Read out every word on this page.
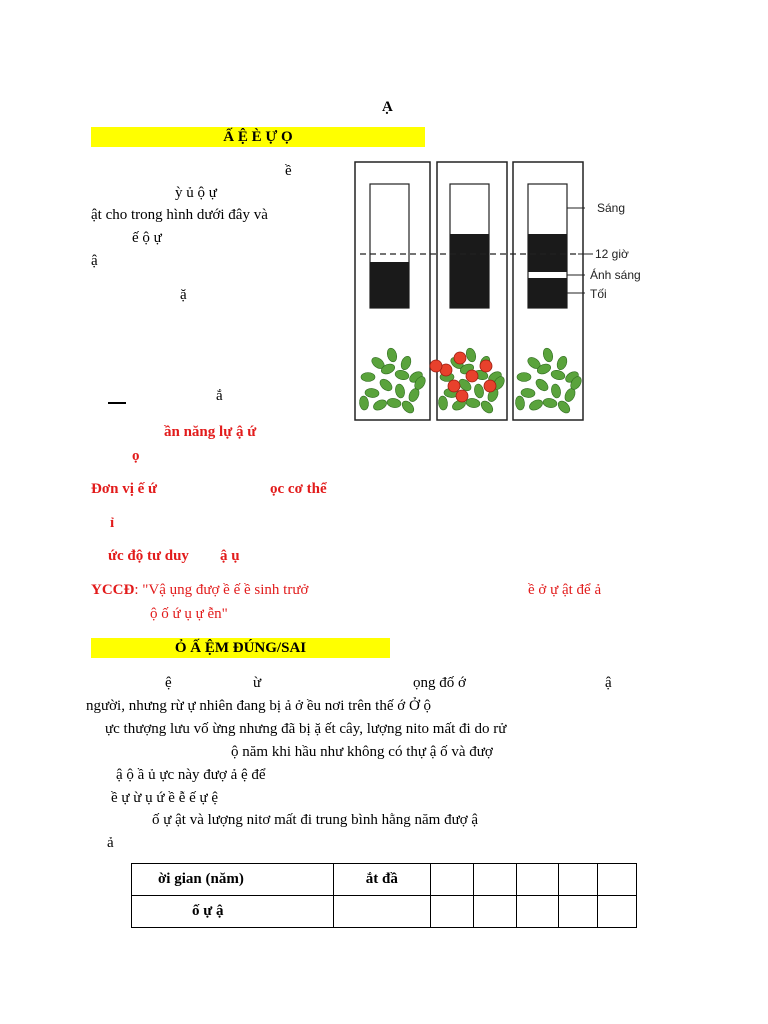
Ạ
Ấ Ệ È Ự Ọ
ề
ỳ ủ ộ ự
ật cho trong hình dưới đây và
ế ộ ự
ậ
ặ
ắ
ần năng lự ậ ứ
ọ
Đơn vị ế ứ	ọc cơ thể
ỉ
ức độ tư duy ậ ụ
YCCĐ: "Vậ ụng đượ ề ế ề sinh trưở	ề ở ự ật để ả
ộ ố ứ ụ ự ễn"
Ỏ Ấ ỆM ĐÚNG/SAI
ệ	ừ	ọng đố ớ	ậ
người, nhưng rừ ự nhiên đang bị ả ở ều nơi trên thế ớ Ở ộ
ực thượng lưu vố ừng nhưng đã bị ặ ết cây, lượng nito mất đi do rử
ộ năm khi hầu như không có thự ậ ố và đượ
ậ ộ ầ ủ ực này đượ ả ệ để
ề ự ừ ụ ứ ề ễ ế ự ệ
ố ự ật và lượng nitơ mất đi trung bình hằng năm đượ ậ
ả
ời gian (năm)	ắt đầ					
ố ự ậ						
Sáng
12 giờ
Ánh sáng
Tối
